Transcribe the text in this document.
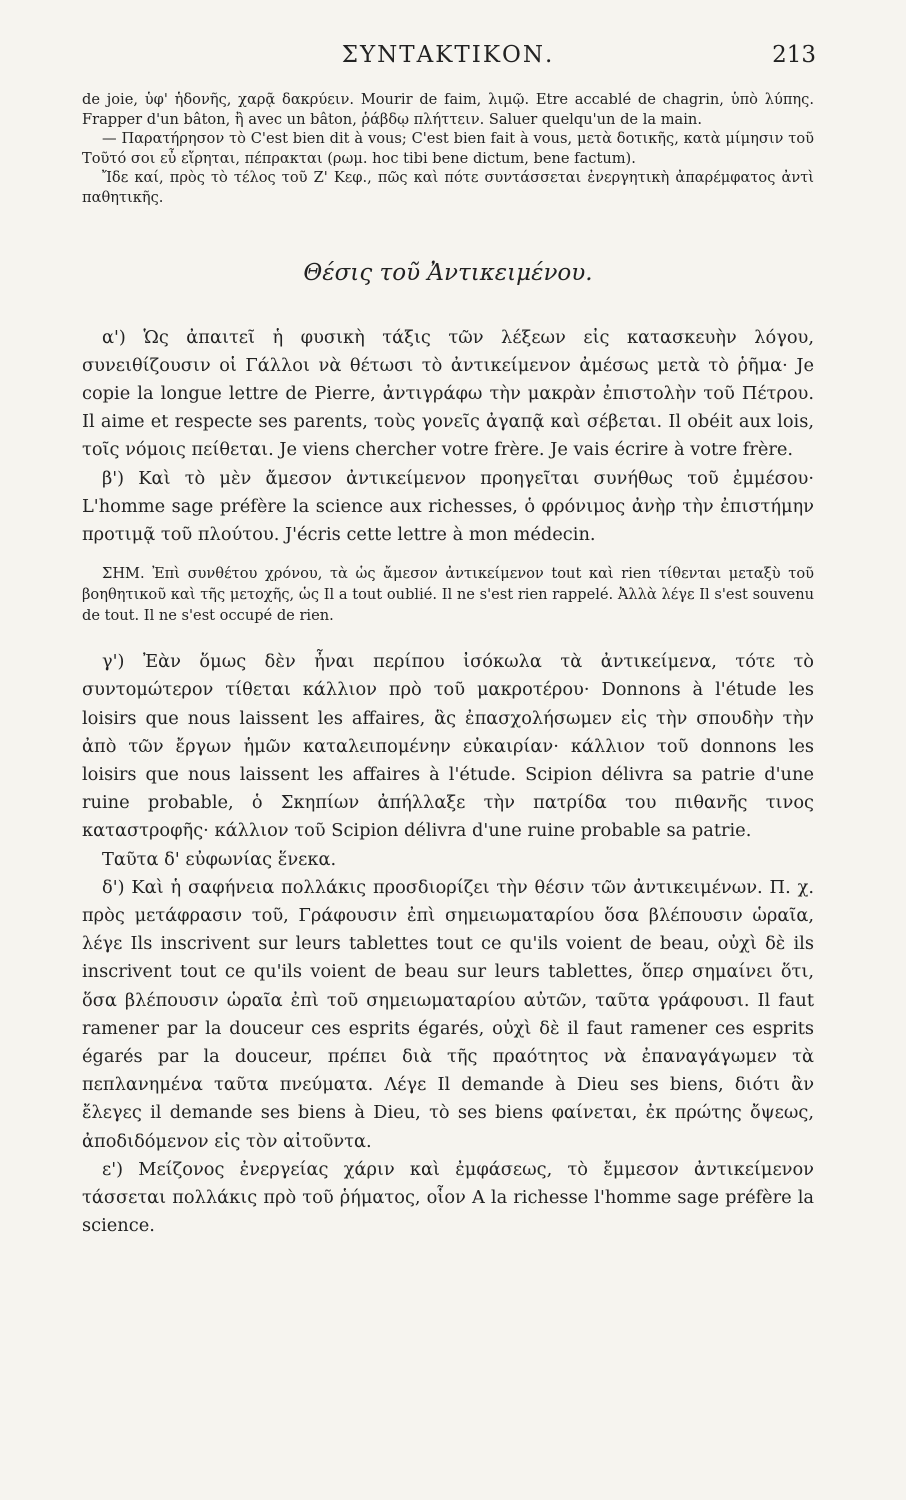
ΣΥΝΤΑΚΤΙΚΟΝ.	213

de joie, ὑφ' ἡδονῆς, χαρᾷ δακρύειν. Mourir de faim, λιμῷ. Etre accablé de chagrin, ὑπὸ λύπης. Frapper d'un bâton, ἢ avec un bâton, ῥάβδῳ πλήττειν. Saluer quelqu'un de la main.

— Παρατήρησον τὸ C'est bien dit à vous; C'est bien fait à vous, μετὰ δοτικῆς, κατὰ μίμησιν τοῦ Τοῦτό σοι εὖ εἴρηται, πέπρακται (ρωμ. hoc tibi bene dictum, bene factum).

Ἴδε καί, πρὸς τὸ τέλος τοῦ Ζ' Κεφ., πῶς καὶ πότε συντάσσεται ἐνεργητικὴ ἀπαρέμφατος ἀντὶ παθητικῆς.

Θέσις τοῦ Ἀντικειμένου.

α') Ὡς ἀπαιτεῖ ἡ φυσικὴ τάξις τῶν λέξεων εἰς κατασκευὴν λόγου, συνειθίζουσιν οἱ Γάλλοι νὰ θέτωσι τὸ ἀντικείμενον ἀμέσως μετὰ τὸ ῥῆμα· Je copie la longue lettre de Pierre, ἀντιγράφω τὴν μακρὰν ἐπιστολὴν τοῦ Πέτρου. Il aime et respecte ses parents, τοὺς γονεῖς ἀγαπᾷ καὶ σέβεται. Il obéit aux lois, τοῖς νόμοις πείθεται. Je viens chercher votre frère. Je vais écrire à votre frère.

β') Καὶ τὸ μὲν ἄμεσον ἀντικείμενον προηγεῖται συνήθως τοῦ ἐμμέσου· L'homme sage préfère la science aux richesses, ὁ φρόνιμος ἀνὴρ τὴν ἐπιστήμην προτιμᾷ τοῦ πλούτου. J'écris cette lettre à mon médecin.

ΣΗΜ. Ἐπὶ συνθέτου χρόνου, τὰ ὡς ἄμεσον ἀντικείμενον tout καὶ rien τίθενται μεταξὺ τοῦ βοηθητικοῦ καὶ τῆς μετοχῆς, ὡς Il a tout oublié. Il ne s'est rien rappelé. Ἀλλὰ λέγε Il s'est souvenu de tout. Il ne s'est occupé de rien.

γ') Ἐὰν ὅμως δὲν ἦναι περίπου ἰσόκωλα τὰ ἀντικείμενα, τότε τὸ συντομώτερον τίθεται κάλλιον πρὸ τοῦ μακροτέρου· Donnons à l'étude les loisirs que nous laissent les affaires, ἃς ἐπασχολήσωμεν εἰς τὴν σπουδὴν τὴν ἀπὸ τῶν ἔργων ἡμῶν καταλειπομένην εὐκαιρίαν· κάλλιον τοῦ donnons les loisirs que nous laissent les affaires à l'étude. Scipion délivra sa patrie d'une ruine probable, ὁ Σκηπίων ἀπήλλαξε τὴν πατρίδα του πιθανῆς τινος καταστροφῆς· κάλλιον τοῦ Scipion délivra d'une ruine probable sa patrie.

Ταῦτα δ' εὐφωνίας ἕνεκα.

δ') Καὶ ἡ σαφήνεια πολλάκις προσδιορίζει τὴν θέσιν τῶν ἀντικειμένων. Π. χ. πρὸς μετάφρασιν τοῦ, Γράφουσιν ἐπὶ σημειωματαρίου ὅσα βλέπουσιν ὡραῖα, λέγε Ils inscrivent sur leurs tablettes tout ce qu'ils voient de beau, οὐχὶ δὲ ils inscrivent tout ce qu'ils voient de beau sur leurs tablettes, ὅπερ σημαίνει ὅτι, ὅσα βλέπουσιν ὡραῖα ἐπὶ τοῦ σημειωματαρίου αὐτῶν, ταῦτα γράφουσι. Il faut ramener par la douceur ces esprits égarés, οὐχὶ δὲ il faut ramener ces esprits égarés par la douceur, πρέπει διὰ τῆς πραότητος νὰ ἐπαναγάγωμεν τὰ πεπλανημένα ταῦτα πνεύματα. Λέγε Il demande à Dieu ses biens, διότι ἂν ἔλεγες il demande ses biens à Dieu, τὸ ses biens φαίνεται, ἐκ πρώτης ὄψεως, ἀποδιδόμενον εἰς τὸν αἰτοῦντα.

ε') Μείζονος ἐνεργείας χάριν καὶ ἐμφάσεως, τὸ ἔμμεσον ἀντικείμενον τάσσεται πολλάκις πρὸ τοῦ ῥήματος, οἷον A la richesse l'homme sage préfère la science.
